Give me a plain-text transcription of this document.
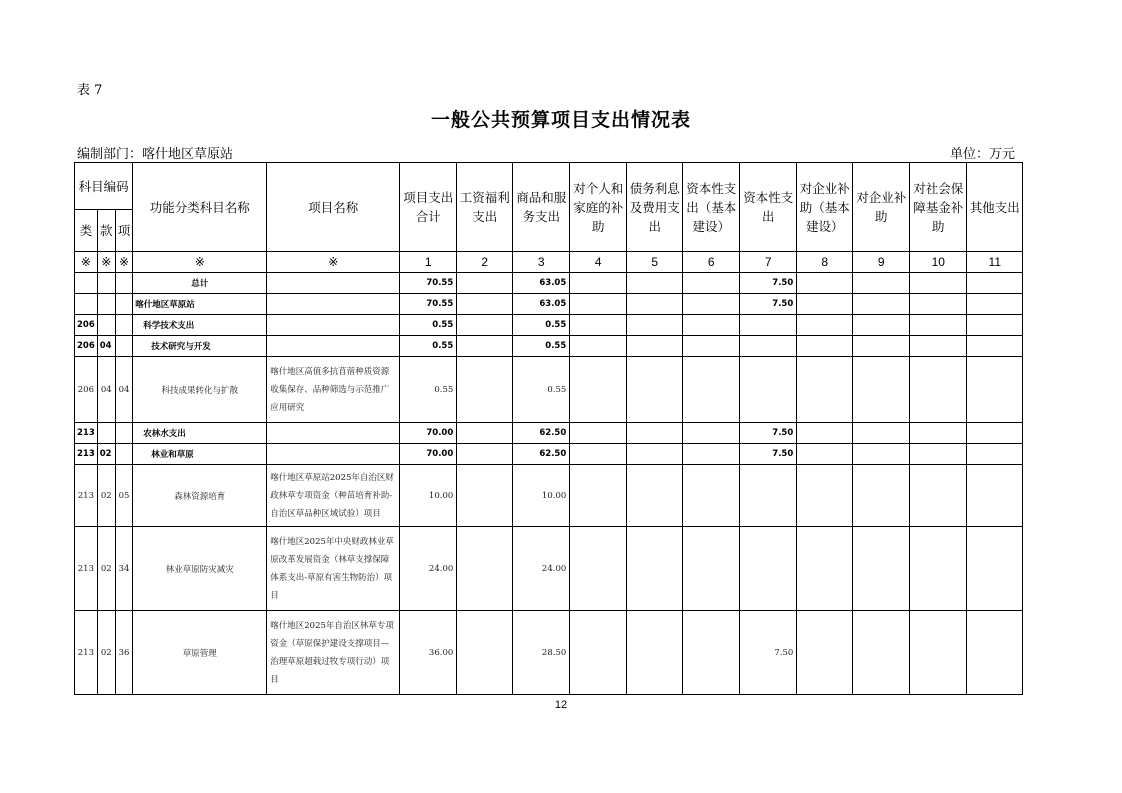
表 7
一般公共预算项目支出情况表
编制部门：喀什地区草原站	单位：万元
科目编码			功能分类科目名称	项目名称	项目支出合计	工资福利支出	商品和服务支出	对个人和家庭的补助	债务利息及费用支出	资本性支出（基本建设）	资本性支出	对企业补助（基本建设）	对企业补助	对社会保障基金补助	其他支出
类	款	项													
※	※	※	※	※	1	2	3	4	5	6	7	8	9	10	11
			总计		70.55		63.05				7.50				
			喀什地区草原站		70.55		63.05				7.50				
206			科学技术支出		0.55		0.55								
206	04		技术研究与开发		0.55		0.55								
206	04	04	科技成果转化与扩散	喀什地区高值多抗苜蓿种质资源收集保存、品种筛选与示范推广应用研究	0.55		0.55								
213			农林水支出		70.00		62.50				7.50				
213	02		林业和草原		70.00		62.50				7.50				
213	02	05	森林资源培育	喀什地区草原站2025年自治区财政林草专项资金（种苗培育补助-自治区草品种区域试验）项目	10.00		10.00								
213	02	34	林业草原防灾减灾	喀什地区2025年中央财政林业草原改革发展资金（林草支撑保障体系支出-草原有害生物防治）项目	24.00		24.00								
213	02	36	草原管理	喀什地区2025年自治区林草专项资金（草原保护建设支撑项目—治理草原超载过牧专项行动）项目	36.00		28.50				7.50				
12
